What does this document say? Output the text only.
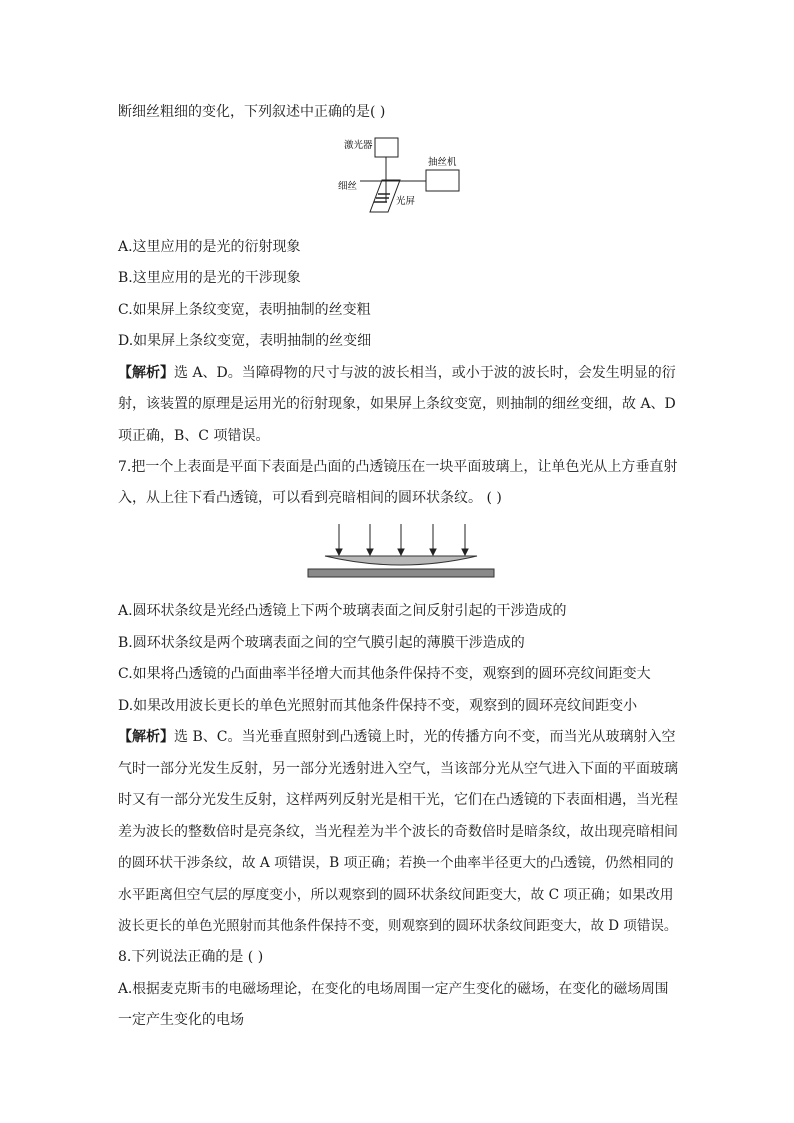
断细丝粗细的变化，下列叙述中正确的是( )
激光器
抽丝机
细丝
光屏
A.这里应用的是光的衍射现象
B.这里应用的是光的干涉现象
C.如果屏上条纹变宽，表明抽制的丝变粗
D.如果屏上条纹变宽，表明抽制的丝变细
【解析】选 A、D。当障碍物的尺寸与波的波长相当，或小于波的波长时，会发生明显的衍
射，该装置的原理是运用光的衍射现象，如果屏上条纹变宽，则抽制的细丝变细，故 A、D
项正确，B、C 项错误。
7.把一个上表面是平面下表面是凸面的凸透镜压在一块平面玻璃上，让单色光从上方垂直射
入，从上往下看凸透镜，可以看到亮暗相间的圆环状条纹。 ( )
A.圆环状条纹是光经凸透镜上下两个玻璃表面之间反射引起的干涉造成的
B.圆环状条纹是两个玻璃表面之间的空气膜引起的薄膜干涉造成的
C.如果将凸透镜的凸面曲率半径增大而其他条件保持不变，观察到的圆环亮纹间距变大
D.如果改用波长更长的单色光照射而其他条件保持不变，观察到的圆环亮纹间距变小
【解析】选 B、C。当光垂直照射到凸透镜上时，光的传播方向不变，而当光从玻璃射入空
气时一部分光发生反射，另一部分光透射进入空气，当该部分光从空气进入下面的平面玻璃
时又有一部分光发生反射，这样两列反射光是相干光，它们在凸透镜的下表面相遇，当光程
差为波长的整数倍时是亮条纹，当光程差为半个波长的奇数倍时是暗条纹，故出现亮暗相间
的圆环状干涉条纹，故 A 项错误，B 项正确；若换一个曲率半径更大的凸透镜，仍然相同的
水平距离但空气层的厚度变小，所以观察到的圆环状条纹间距变大，故 C 项正确；如果改用
波长更长的单色光照射而其他条件保持不变，则观察到的圆环状条纹间距变大，故 D 项错误。
8.下列说法正确的是 ( )
A.根据麦克斯韦的电磁场理论，在变化的电场周围一定产生变化的磁场，在变化的磁场周围
一定产生变化的电场
